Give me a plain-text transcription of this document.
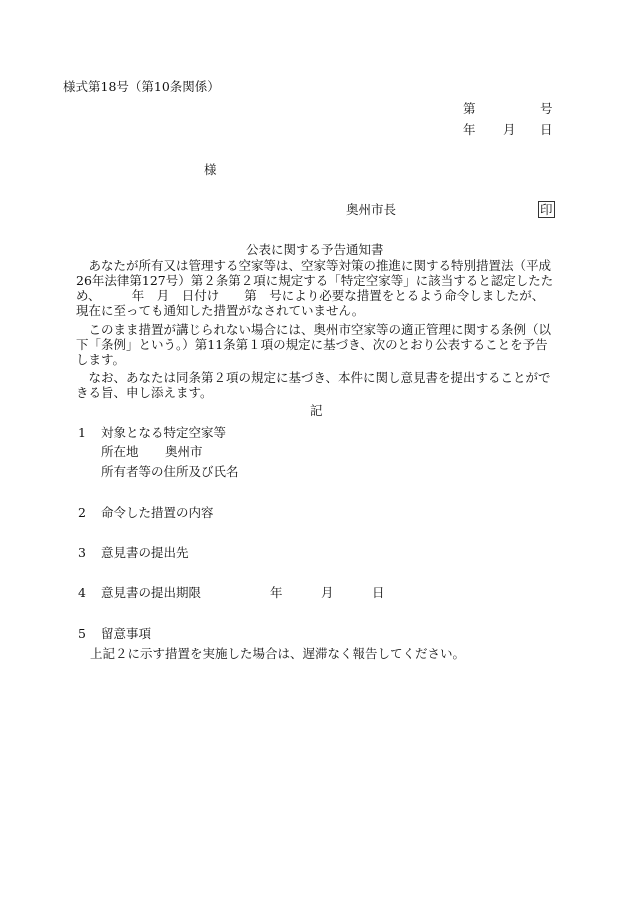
様式第18号（第10条関係）
第	号
年 月 日
様
奥州市長	印
公表に関する予告通知書

　あなたが所有又は管理する空家等は、空家等対策の推進に関する特別措置法（平成

26年法律第127号）第２条第２項に規定する「特定空家等」に該当すると認定したた

め、　　　年　月　日付け　　第　号により必要な措置をとるよう命令しましたが、

現在に至っても通知した措置がなされていません。

　このまま措置が講じられない場合には、奥州市空家等の適正管理に関する条例（以

下「条例」という。）第11条第１項の規定に基づき、次のとおり公表することを予告

します。

　なお、あなたは同条第２項の規定に基づき、本件に関し意見書を提出することがで

きる旨、申し添えます。

記
1 対象となる特定空家等
所在地 奥州市
所有者等の住所及び氏名
2 命令した措置の内容
3 意見書の提出先
4 意見書の提出期限	年	月	日
5 留意事項
上記２に示す措置を実施した場合は、遅滞なく報告してください。
